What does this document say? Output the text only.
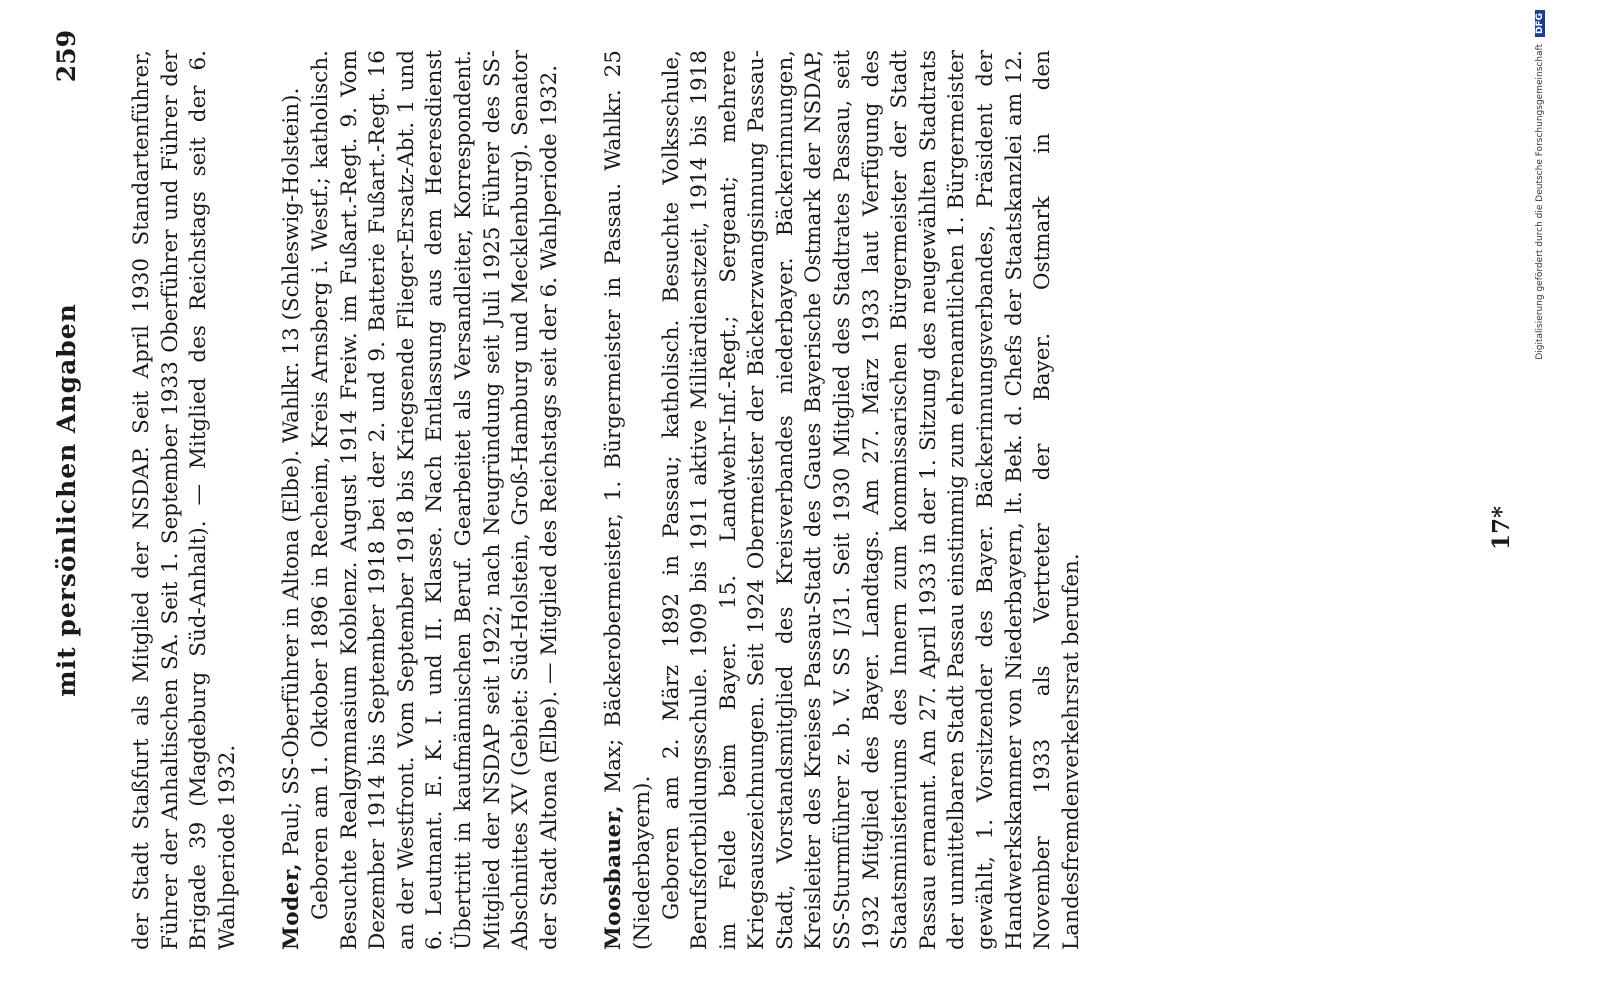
mit persönlichen Angaben
259 der Stadt Staßfurt als Mitglied der NSDAP. Seit April 1930 Standartenführer, Führer der Anhaltischen SA. Seit 1. September 1933 Oberführer und Führer der Brigade 39 (Magdeburg Süd-Anhalt). — Mitglied des Reichstags seit der 6. Wahlperiode 1932. Moder, Paul; SS-Oberführer in Altona (Elbe). Wahlkr. 13 (Schleswig-Holstein). Geboren am 1. Oktober 1896 in Recheim, Kreis Arnsberg i. Westf.; katholisch. Besuchte Realgymnasium Koblenz. August 1914 Freiw. im Fußart.-Regt. 9. Vom Dezember 1914 bis September 1918 bei der 2. und 9. Batterie Fußart.-Regt. 16 an der Westfront. Vom September 1918 bis Kriegsende Flieger-Ersatz-Abt. 1 und 6. Leutnant. E. K. I. und II. Klasse. Nach Entlassung aus dem Heeresdienst Übertritt in kaufmännischen Beruf. Gearbeitet als Versandleiter, Korrespondent. Mitglied der NSDAP seit 1922; nach Neugründung seit Juli 1925 Führer des SS-Abschnittes XV (Gebiet: Süd-Holstein, Groß-Hamburg und Mecklenburg). Senator der Stadt Altona (Elbe). — Mitglied des Reichstags seit der 6. Wahlperiode 1932. Moosbauer, Max; Bäckerobermeister, 1. Bürgermeister in Passau. Wahlkr. 25 (Niederbayern). Geboren am 2. März 1892 in Passau; katholisch. Besuchte Volksschule, Berufsfortbildungsschule. 1909 bis 1911 aktive Militärdienstzeit, 1914 bis 1918 im Felde beim Bayer. 15. Landwehr-Inf.-Regt.; Sergeant; mehrere Kriegsauszeichnungen. Seit 1924 Obermeister der Bäckerzwangsinnung Passau-Stadt, Vorstandsmitglied des Kreisverbandes niederbayer. Bäckerinnungen, Kreisleiter des Kreises Passau-Stadt des Gaues Bayerische Ostmark der NSDAP, SS-Sturmführer z. b. V. SS I/31. Seit 1930 Mitglied des Stadtrates Passau, seit 1932 Mitglied des Bayer. Landtags. Am 27. März 1933 laut Verfügung des Staatsministeriums des Innern zum kommissarischen Bürgermeister der Stadt Passau ernannt. Am 27. April 1933 in der 1. Sitzung des neugewählten Stadtrats der unmittelbaren Stadt Passau einstimmig zum ehrenamtlichen 1. Bürgermeister gewählt, 1. Vorsitzender des Bayer. Bäckerinnungsverbandes, Präsident der Handwerkskammer von Niederbayern, lt. Bek. d. Chefs der Staatskanzlei am 12. November 1933 als Vertreter der Bayer. Ostmark in den Landesfremdenverkehrsrat berufen.

17*
Digitalisierung gefördert durch die Deutsche Forschungsgemeinschaft DFG
